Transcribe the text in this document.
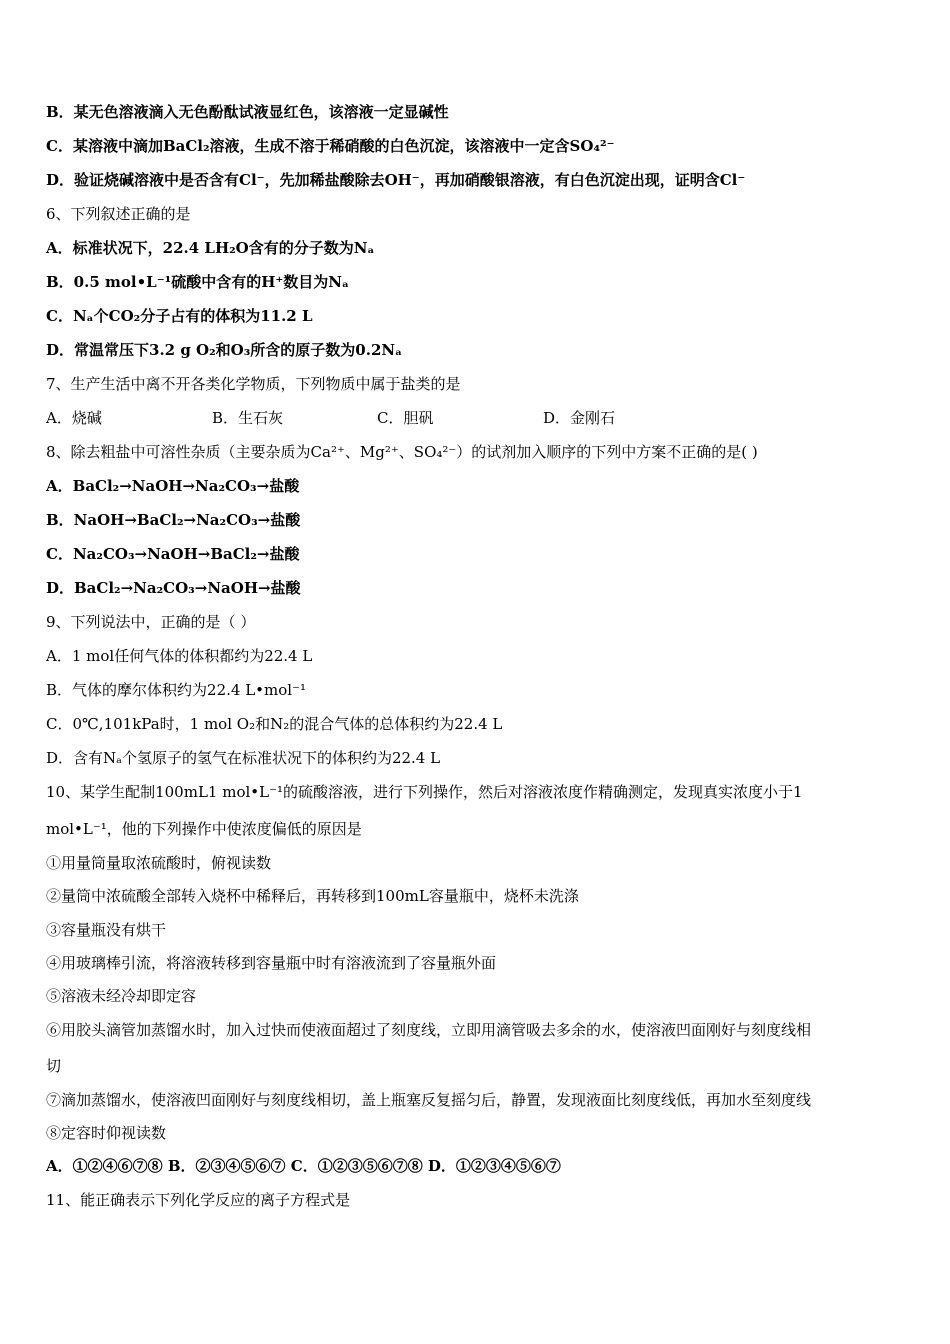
B．某无色溶液滴入无色酚酞试液显红色，该溶液一定显碱性
C．某溶液中滴加BaCl₂溶液，生成不溶于稀硝酸的白色沉淀，该溶液中一定含SO₄²⁻
D．验证烧碱溶液中是否含有Cl⁻，先加稀盐酸除去OH⁻，再加硝酸银溶液，有白色沉淀出现，证明含Cl⁻
6、下列叙述正确的是
A．标准状况下，22.4 LH₂O含有的分子数为Nₐ
B．0.5 mol•L⁻¹硫酸中含有的H⁺数目为Nₐ
C．Nₐ个CO₂分子占有的体积为11.2 L
D．常温常压下3.2 g O₂和O₃所含的原子数为0.2Nₐ
7、生产生活中离不开各类化学物质，下列物质中属于盐类的是
A．烧碱	B．生石灰	C．胆矾	D．金刚石
8、除去粗盐中可溶性杂质（主要杂质为Ca²⁺、Mg²⁺、SO₄²⁻）的试剂加入顺序的下列中方案不正确的是( )
A．BaCl₂→NaOH→Na₂CO₃→盐酸
B．NaOH→BaCl₂→Na₂CO₃→盐酸
C．Na₂CO₃→NaOH→BaCl₂→盐酸
D．BaCl₂→Na₂CO₃→NaOH→盐酸
9、下列说法中，正确的是（ ）
A．1 mol任何气体的体积都约为22.4 L
B．气体的摩尔体积约为22.4 L•mol⁻¹
C．0℃,101kPa时，1 mol O₂和N₂的混合气体的总体积约为22.4 L
D．含有Nₐ个氢原子的氢气在标准状况下的体积约为22.4 L
10、某学生配制100mL1 mol•L⁻¹的硫酸溶液，进行下列操作，然后对溶液浓度作精确测定，发现真实浓度小于1
mol•L⁻¹，他的下列操作中使浓度偏低的原因是
①用量筒量取浓硫酸时，俯视读数
②量筒中浓硫酸全部转入烧杯中稀释后，再转移到100mL容量瓶中，烧杯未洗涤
③容量瓶没有烘干
④用玻璃棒引流，将溶液转移到容量瓶中时有溶液流到了容量瓶外面
⑤溶液未经冷却即定容
⑥用胶头滴管加蒸馏水时，加入过快而使液面超过了刻度线，立即用滴管吸去多余的水，使溶液凹面刚好与刻度线相
切
⑦滴加蒸馏水，使溶液凹面刚好与刻度线相切，盖上瓶塞反复摇匀后，静置，发现液面比刻度线低，再加水至刻度线
⑧定容时仰视读数
A．①②④⑥⑦⑧ B．②③④⑤⑥⑦ C．①②③⑤⑥⑦⑧ D．①②③④⑤⑥⑦
11、能正确表示下列化学反应的离子方程式是
